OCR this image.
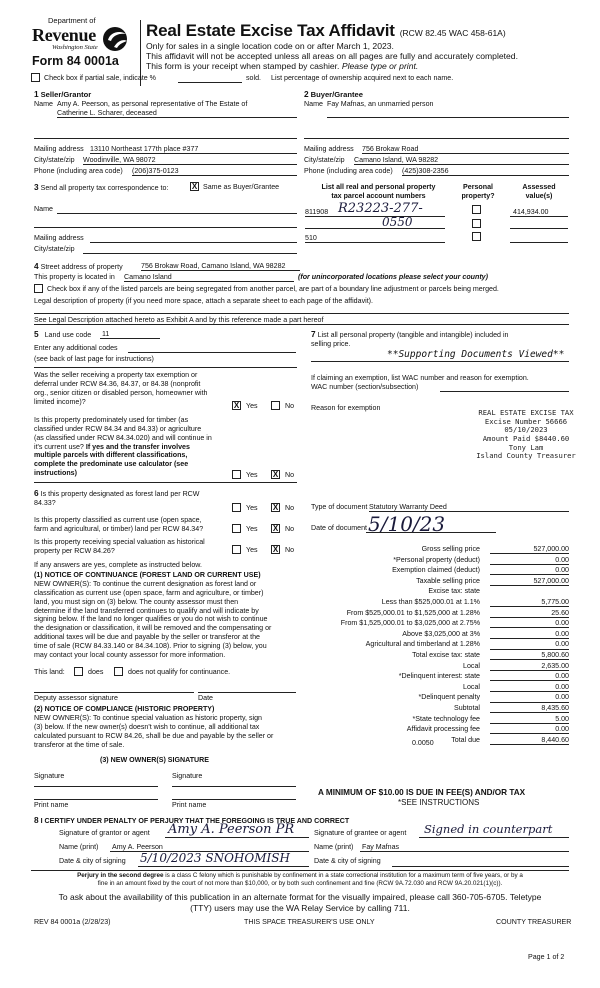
Department of
Revenue
Washington State
Form 84 0001a
Real Estate Excise Tax Affidavit (RCW 82.45 WAC 458-61A)
Only for sales in a single location code on or after March 1, 2023.
This affidavit will not be accepted unless all areas on all pages are fully and accurately completed.
This form is your receipt when stamped by cashier. Please type or print.
Check box if partial sale, indicate %	sold. List percentage of ownership acquired next to each name.
1 Seller/Grantor
Name Amy A. Peerson, as personal representative of The Estate of
Catherine L. Scharer, deceased
Mailing address 13110 Northeast 177th place #377
City/state/zip Woodinville, WA 98072
Phone (including area code) (206)375-0123
2 Buyer/Grantee
Name Fay Mafnas, an unmarried person
Mailing address 756 Brokaw Road
City/state/zip Camano Island, WA 98282
Phone (including area code) (425)308-2356
3 Send all property tax correspondence to:	X Same as Buyer/Grantee
Name
Mailing address
City/state/zip
List all real and personal property
tax parcel account numbers
Personal
property?
Assessed
value(s)
811908 R23223-277-
0550
414,934.00
510
4 Street address of property	756 Brokaw Road, Camano Island, WA 98282
This property is located in Camano Island	(for unincorporated locations please select your county)
Check box if any of the listed parcels are being segregated from another parcel, are part of a boundary line adjustment or parcels being merged.
Legal description of property (if you need more space, attach a separate sheet to each page of the affidavit).
See Legal Description attached hereto as Exhibit A and by this reference made a part hereof
5 Land use code 11
Enter any additional codes
(see back of last page for instructions)
Was the seller receiving a property tax exemption or
deferral under RCW 84.36, 84.37, or 84.38 (nonprofit
org., senior citizen or disabled person, homeowner with
limited income)?	X Yes	No
Is this property predominately used for timber (as
classified under RCW 84.34 and 84.33) or agriculture
(as classified under RCW 84.34.020) and will continue in
it's current use? If yes and the transfer involves
multiple parcels with different classifications,
complete the predominate use calculator (see
instructions)	Yes X No
6 Is this property designated as forest land per RCW
84.33?
Yes X No
Is this property classified as current use (open space,
farm and agricultural, or timber) land per RCW 84.34?	Yes X No
Is this property receiving special valuation as historical
property per RCW 84.26?	Yes X No
If any answers are yes, complete as instructed below.
(1) NOTICE OF CONTINUANCE (FOREST LAND OR CURRENT USE)
NEW OWNER(S): To continue the current designation as forest land or
classification as current use (open space, farm and agriculture, or timber)
land, you must sign on (3) below. The county assessor must then
determine if the land transferred continues to qualify and will indicate by
signing below. If the land no longer qualifies or you do not wish to continue
the designation or classification, it will be removed and the compensating or
additional taxes will be due and payable by the seller or transferor at the
time of sale (RCW 84.33.140 or 84.34.108). Prior to signing (3) below, you
may contact your local county assessor for more information.
This land:	does	does not qualify for continuance.
Deputy assessor signature	Date
(2) NOTICE OF COMPLIANCE (HISTORIC PROPERTY)
NEW OWNER(S): To continue special valuation as historic property, sign
(3) below. If the new owner(s) doesn't wish to continue, all additional tax
calculated pursuant to RCW 84.26, shall be due and payable by the seller or
transferor at the time of sale.
(3) NEW OWNER(S) SIGNATURE
Signature	Signature
Print name	Print name
7 List all personal property (tangible and intangible) included in
selling price.
**Supporting Documents Viewed**
If claiming an exemption, list WAC number and reason for exemption.
WAC number (section/subsection)
Reason for exemption	REAL ESTATE EXCISE TAX
Excise Number 56666
05/10/2023
Amount Paid $8440.60
Tony Lam
Island County Treasurer
Type of document Statutory Warranty Deed
Date of document 5/10/23
Gross selling price	527,000.00
*Personal property (deduct)	0.00
Exemption claimed (deduct)	0.00
Taxable selling price	527,000.00
Excise tax: state
Less than $525,000.01 at 1.1%	5,775.00
From $525,000.01 to $1,525,000 at 1.28%	25.60
From $1,525,000.01 to $3,025,000 at 2.75%	0.00
Above $3,025,000 at 3%	0.00
Agricultural and timberland at 1.28%	0.00
Total excise tax: state	5,800.60
Local	2,635.00
*Delinquent interest: state	0.00
Local	0.00
*Delinquent penalty	0.00
Subtotal	8,435.60
*State technology fee	5.00
Affidavit processing fee	0.00
Total due	8,440.60
0.0050
A MINIMUM OF $10.00 IS DUE IN FEE(S) AND/OR TAX
*SEE INSTRUCTIONS
8 I CERTIFY UNDER PENALTY OF PERJURY THAT THE FOREGOING IS TRUE AND CORRECT
Signature of grantor or agent Amy A. Peerson PR
Name (print) Amy A. Peerson
Date & city of signing 5/10/2023 SNOHOMISH
Signature of grantee or agent Signed in counterpart
Name (print) Fay Mafnas
Date & city of signing
Perjury in the second degree is a class C felony which is punishable by confinement in a state correctional institution for a maximum term of five years, or by a
fine in an amount fixed by the court of not more than $10,000, or by both such confinement and fine (RCW 9A.72.030 and RCW 9A.20.021(1)(c)).
To ask about the availability of this publication in an alternate format for the visually impaired, please call 360-705-6705. Teletype
(TTY) users may use the WA Relay Service by calling 711.
REV 84 0001a (2/28/23)	THIS SPACE TREASURER'S USE ONLY	COUNTY TREASURER
Page 1 of 2
